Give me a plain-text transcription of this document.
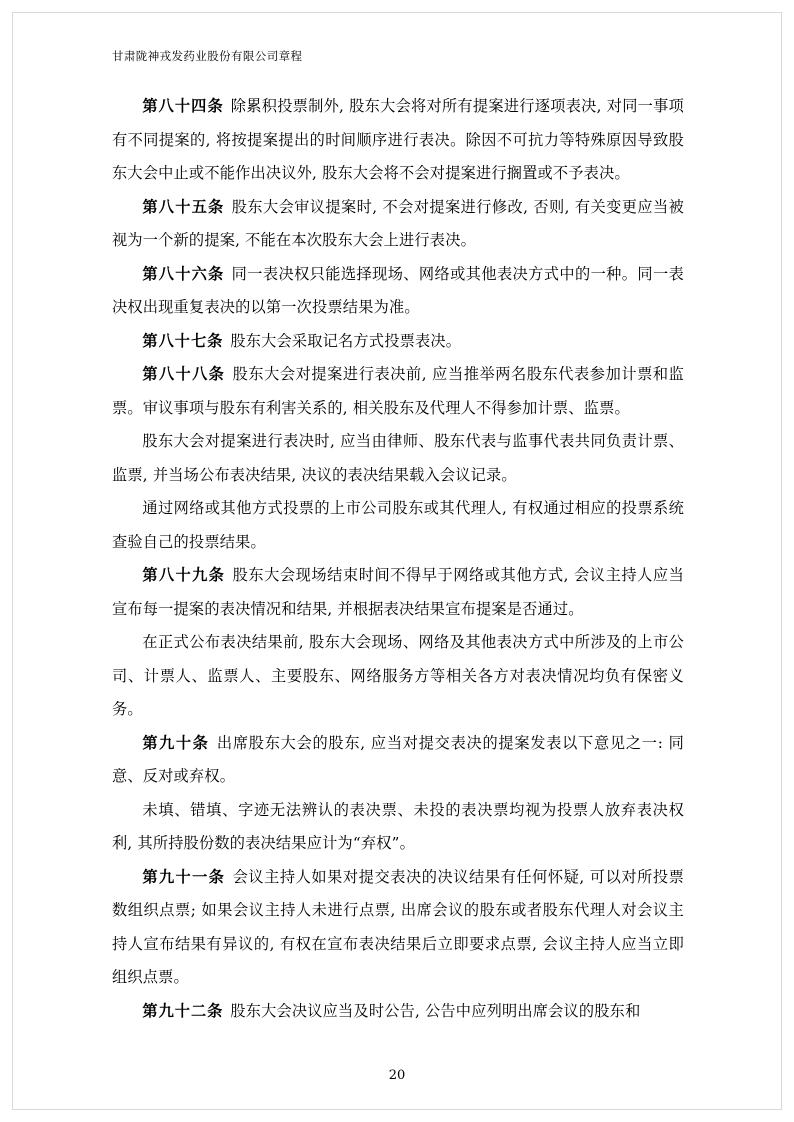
甘肃陇神戎发药业股份有限公司章程

第八十四条 除累积投票制外, 股东大会将对所有提案进行逐项表决, 对同一事项有不同提案的, 将按提案提出的时间顺序进行表决。除因不可抗力等特殊原因导致股东大会中止或不能作出决议外, 股东大会将不会对提案进行搁置或不予表决。

第八十五条 股东大会审议提案时, 不会对提案进行修改, 否则, 有关变更应当被视为一个新的提案, 不能在本次股东大会上进行表决。

第八十六条 同一表决权只能选择现场、网络或其他表决方式中的一种。同一表决权出现重复表决的以第一次投票结果为准。

第八十七条 股东大会采取记名方式投票表决。

第八十八条 股东大会对提案进行表决前, 应当推举两名股东代表参加计票和监票。审议事项与股东有利害关系的, 相关股东及代理人不得参加计票、监票。

股东大会对提案进行表决时, 应当由律师、股东代表与监事代表共同负责计票、监票, 并当场公布表决结果, 决议的表决结果载入会议记录。

通过网络或其他方式投票的上市公司股东或其代理人, 有权通过相应的投票系统查验自己的投票结果。

第八十九条 股东大会现场结束时间不得早于网络或其他方式, 会议主持人应当宣布每一提案的表决情况和结果, 并根据表决结果宣布提案是否通过。

在正式公布表决结果前, 股东大会现场、网络及其他表决方式中所涉及的上市公司、计票人、监票人、主要股东、网络服务方等相关各方对表决情况均负有保密义务。

第九十条 出席股东大会的股东, 应当对提交表决的提案发表以下意见之一: 同意、反对或弃权。

未填、错填、字迹无法辨认的表决票、未投的表决票均视为投票人放弃表决权利, 其所持股份数的表决结果应计为“弃权”。

第九十一条 会议主持人如果对提交表决的决议结果有任何怀疑, 可以对所投票数组织点票; 如果会议主持人未进行点票, 出席会议的股东或者股东代理人对会议主持人宣布结果有异议的, 有权在宣布表决结果后立即要求点票, 会议主持人应当立即组织点票。

第九十二条 股东大会决议应当及时公告, 公告中应列明出席会议的股东和

20
